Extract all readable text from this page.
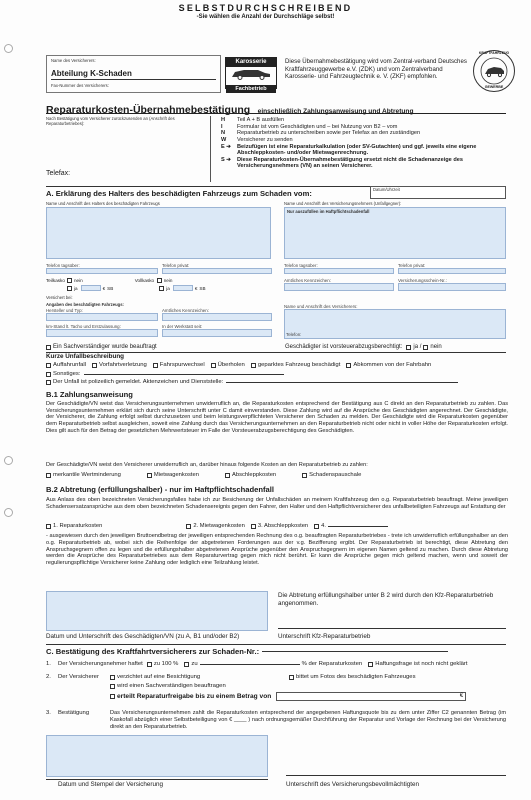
SELBSTDURCHSCHREIBEND
-Sie wählen die Anzahl der Durchschläge selbst!
Name des Versicherers:
Abteilung K-Schaden
Fax-Nummer des Versicherers:
Karosserie
Fachbetrieb
Diese Übernahmebestätigung wird vom Zentral-verband Deutsches Kraftfahrzeuggewerbe e.V. (ZDK) und vom Zentralverband Karosserie- und Fahrzeugtechnik e. V. (ZKF) empfohlen.
KRAFTFAHRZEUG
GEWERBE
Reparaturkosten-Übernahmebestätigung einschließlich Zahlungsanweisung und Abtretung
Nach Bestätigung vom Versicherer zurückzusenden an (Anschrift des Reparaturbetriebes):
Telefax:
H	Teil A + B ausfüllen
I	Formular ist vom Geschädigten und – bei Nutzung von B2 – vom
N	Reparaturbetrieb zu unterschreiben sowie per Telefax an den zuständigen
W	Versicherer zu senden
E ➔	Beizufügen ist eine Reparaturkalkulation (oder SV-Gutachten) und ggf. jeweils eine eigene Abschleppkosten- und/oder Mietwagenrechnung.
S ➔	Diese Reparaturkosten-Übernahmebestätigung ersetzt nicht die Schadenanzeige des Versicherungsnehmers (VN) an seinen Versicherer.
A. Erklärung des Halters des beschädigten Fahrzeugs zum Schaden vom:	Datum/Uhrzeit
Name und Anschrift des Halters des beschädigten Fahrzeugs
Telefon tagsüber:	Telefon privat:
Teilkasko	nein	Vollkasko	nein
ja	€ SB	ja	€ SB
Versichert bei:
Angaben des beschädigten Fahrzeugs:
Hersteller und Typ:	Amtliches Kennzeichen:
km-Stand lt. Tacho und Erstzulassung:	In der Werkstatt seit:
Name und Anschrift des Versicherungsnehmers (Unfallgegner):
Nur auszufüllen im Haftpflichtschadenfall
Telefon tagsüber:	Telefon privat:
Amtliches Kennzeichen:	Versicherungsschein-Nr.:
Name und Anschrift des Versicherers:
Telefon:
Ein Sachverständiger wurde beauftragt	Geschädigter ist vorsteuerabzugsberechtigt: ja / nein
Kurze Unfallbeschreibung
Auffahrunfall Vorfahrtverletzung Fahrspurwechsel Überholen geparktes Fahrzeug beschädigt Abkommen von der Fahrbahn
Sonstiges:
Der Unfall ist polizeilich gemeldet. Aktenzeichen und Dienststelle:
B.1 Zahlungsanweisung
Der Geschädigte/VN weist das Versicherungsunternehmen unwiderruflich an, die Reparaturkosten entsprechend der Bestätigung aus C direkt an den Reparaturbetrieb zu zahlen. Das Versicherungsunternehmen erklärt sich durch seine Unterschrift unter C damit einverstanden. Diese Zahlung wird auf die Ansprüche des Geschädigten angerechnet. Der Geschädigte, der Versicherer, die Zahlung erfolgt selbst durchzusetzen und beim leistungsverpflichteten Versicherer den Schaden zu melden. Der Geschädigte wird die Reparaturkosten gegenüber dem Reparaturbetrieb selbst ausgleichen, soweit eine Zahlung durch das Versicherungsunternehmen an den Reparaturbetrieb nicht oder nicht in voller Höhe der Reparaturkosten erfolgt. Dies gilt auch für den Betrag der gesetzlichen Mehrwertsteuer im Falle der Vorsteuerabzugsberechtigung des Geschädigten.
Der Geschädigte/VN weist den Versicherer unwiderruflich an, darüber hinaus folgende Kosten an den Reparaturbetrieb zu zahlen:
merkantile Wertminderung	Mietwagenkosten	Abschleppkosten	Schadenspauschale
B.2 Abtretung (erfüllungshalber) - nur im Haftpflichtschadenfall
Aus Anlass des oben bezeichneten Versicherungsfalles habe ich zur Besicherung der Unfallschäden an meinem Kraftfahrzeug den o.g. Reparaturbetrieb beauftragt. Meine jeweiligen Schadensersatzansprüche aus dem oben bezeichneten Schadensereignis gegen den Fahrer, den Halter und den Haftpflichtversicherer des unfallbeteiligten Fahrzeugs auf Erstattung der
1. Reparaturkosten	2. Mietwagenkosten 3. Abschleppkosten 4.
- ausgewiesen durch den jeweiligen Bruttoendbetrag der jeweiligen entsprechenden Rechnung des o.g. beauftragten Reparaturbetriebes - trete ich unwiderruflich erfüllungshalber an den o.g. Reparaturbetrieb ab, wobei sich die Reihenfolge der abgetretenen Forderungen aus der v.g. Bezifferung ergibt. Der Reparaturbetrieb ist berechtigt, diese Abtretung den Anspruchsgegnern offen zu legen und die erfüllungshalber abgetretenen Ansprüche gegenüber den Anspruchsgegnern im eigenen Namen geltend zu machen. Durch diese Abtretung werden die Ansprüche des Reparaturbetriebes aus dem Reparaturvertrag gegen mich nicht berührt. Er kann die Ansprüche gegen mich geltend machen, wenn und soweit der regulierungspflichtige Versicherer keine Zahlung oder lediglich eine Teilzahlung leistet.
Die Abtretung erfüllungshalber unter B 2 wird durch den Kfz-Reparaturbetrieb angenommen.
Datum und Unterschrift des Geschädigten/VN (zu A, B1 und/oder B2)	Unterschrift Kfz-Reparaturbetrieb
C. Bestätigung des Kraftfahrtversicherers zur Schaden-Nr.:
1.	Der Versicherungsnehmer haftet zu 100 % zu	% der Reparaturkosten Haftungsfrage ist noch nicht geklärt
2.	Der Versicherer	verzichtet auf eine Besichtigung	bittet um Fotos des beschädigten Fahrzeuges
wird einen Sachverständigen beauftragen
erteilt Reparaturfreigabe bis zu einem Betrag von	€
3.	Bestätigung	Das Versicherungsunternehmen zahlt die Reparaturkosten entsprechend der angegebenen Haftungsquote bis zu dem unter Ziffer C2 genannten Betrag (im Kaskofall abzüglich einer Selbstbeteiligung von € ____ ) nach ordnungsgemäßer Durchführung der Reparatur und Vorlage der Rechnung bei der Versicherung direkt an den Reparaturbetrieb.
Datum und Stempel der Versicherung	Unterschrift des Versicherungsbevollmächtigten
